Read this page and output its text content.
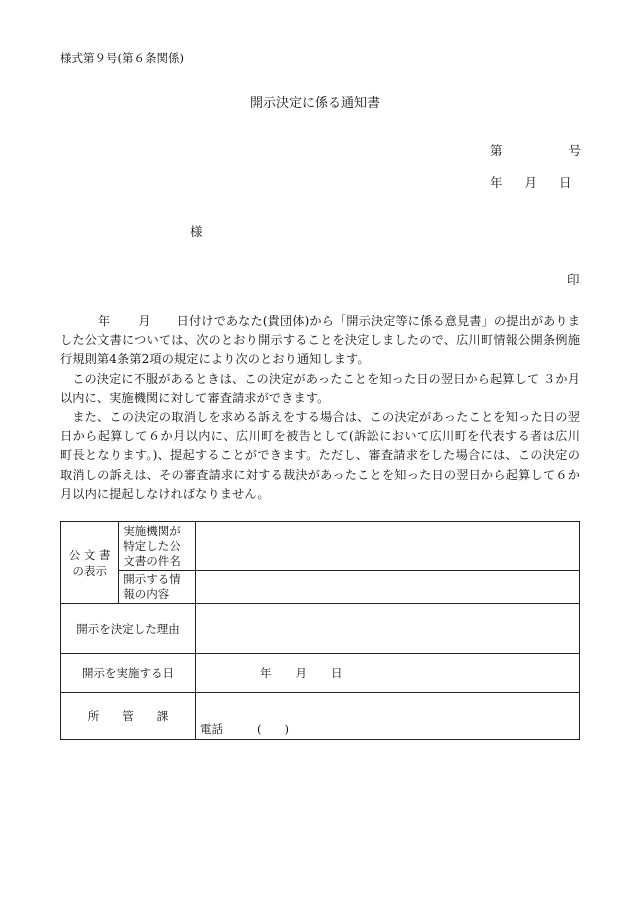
様式第９号(第６条関係)
開示決定に係る通知書
第	号
年 月 日
様
印

年 月 日付けであなた(貴団体)から「開示決定等に係る意見書」の提出がありました公文書については、次のとおり開示することを決定しましたので、広川町情報公開条例施行規則第4条第2項の規定により次のとおり通知します。

この決定に不服があるときは、この決定があったことを知った日の翌日から起算して ３か月以内に、実施機関に対して審査請求ができます。

また、この決定の取消しを求める訴えをする場合は、この決定があったことを知った日の翌日から起算して６か月以内に、広川町を被告として(訴訟において広川町を代表する者は広川町長となります。)、提起することができます。ただし、審査請求をした場合には、この決定の取消しの訴えは、その審査請求に対する裁決があったことを知った日の翌日から起算して６か月以内に提起しなければなりません。

公 文 書の表示	実施機関が特定した公文書の件名	
	開示する情報の内容	
開示を決定した理由		
開示を実施する日		年 月 日
所　　管　　課		電話 (　　)
